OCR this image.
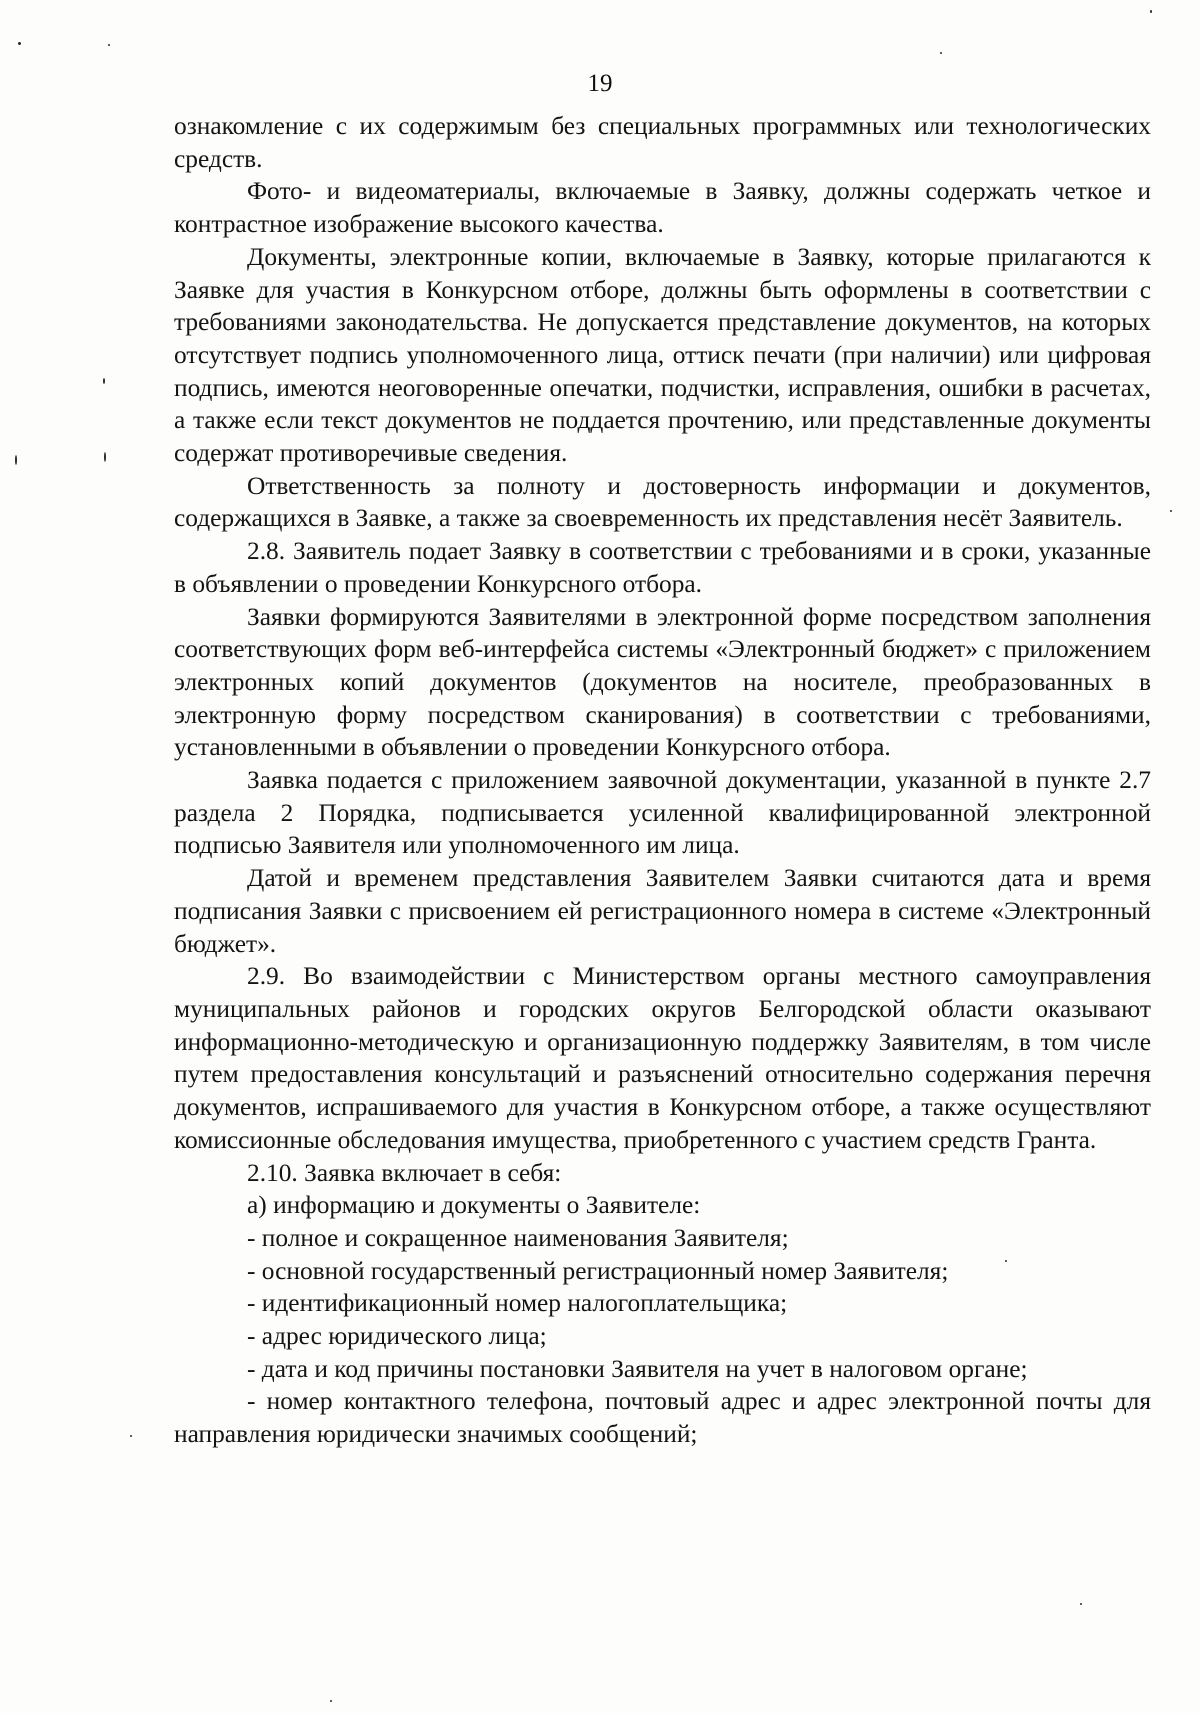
19

ознакомление с их содержимым без специальных программных или технологических средств.

Фото- и видеоматериалы, включаемые в Заявку, должны содержать четкое и контрастное изображение высокого качества.

Документы, электронные копии, включаемые в Заявку, которые прилагаются к Заявке для участия в Конкурсном отборе, должны быть оформлены в соответствии с требованиями законодательства. Не допускается представление документов, на которых отсутствует подпись уполномоченного лица, оттиск печати (при наличии) или цифровая подпись, имеются неоговоренные опечатки, подчистки, исправления, ошибки в расчетах, а также если текст документов не поддается прочтению, или представленные документы содержат противоречивые сведения.

Ответственность за полноту и достоверность информации и документов, содержащихся в Заявке, а также за своевременность их представления несёт Заявитель.

2.8. Заявитель подает Заявку в соответствии с требованиями и в сроки, указанные в объявлении о проведении Конкурсного отбора.

Заявки формируются Заявителями в электронной форме посредством заполнения соответствующих форм веб-интерфейса системы «Электронный бюджет» с приложением электронных копий документов (документов на носителе, преобразованных в электронную форму посредством сканирования) в соответствии с требованиями, установленными в объявлении о проведении Конкурсного отбора.

Заявка подается с приложением заявочной документации, указанной в пункте 2.7 раздела 2 Порядка, подписывается усиленной квалифицированной электронной подписью Заявителя или уполномоченного им лица.

Датой и временем представления Заявителем Заявки считаются дата и время подписания Заявки с присвоением ей регистрационного номера в системе «Электронный бюджет».

2.9. Во взаимодействии с Министерством органы местного самоуправления муниципальных районов и городских округов Белгородской области оказывают информационно-методическую и организационную поддержку Заявителям, в том числе путем предоставления консультаций и разъяснений относительно содержания перечня документов, испрашиваемого для участия в Конкурсном отборе, а также осуществляют комиссионные обследования имущества, приобретенного с участием средств Гранта.

2.10. Заявка включает в себя:

а) информацию и документы о Заявителе:

- полное и сокращенное наименования Заявителя;

- основной государственный регистрационный номер Заявителя;

- идентификационный номер налогоплательщика;

- адрес юридического лица;

- дата и код причины постановки Заявителя на учет в налоговом органе;

- номер контактного телефона, почтовый адрес и адрес электронной почты для направления юридически значимых сообщений;
